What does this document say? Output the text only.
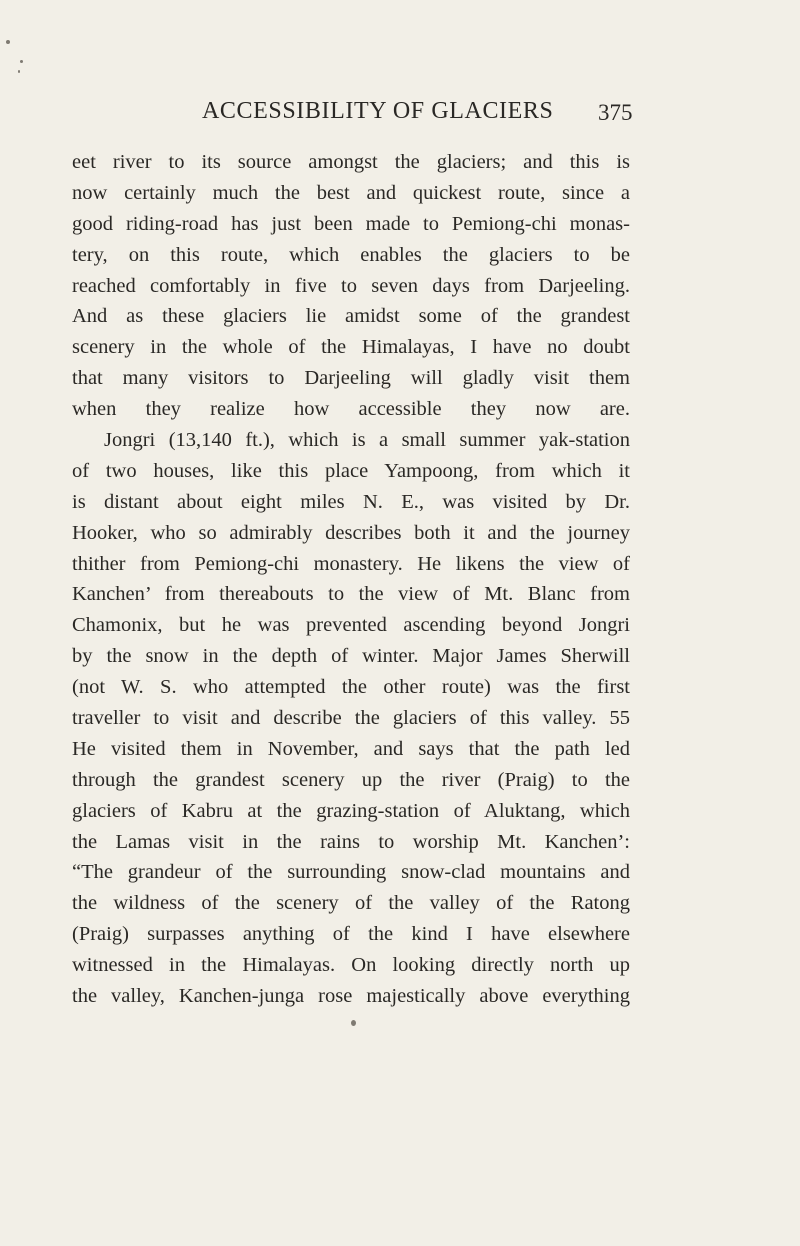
ACCESSIBILITY OF GLACIERS 375
eet river to its source amongst the glaciers; and this is
now certainly much the best and quickest route, since a
good riding-road has just been made to Pemiong-chi monas-
tery, on this route, which enables the glaciers to be
reached comfortably in five to seven days from Darjeeling.
And as these glaciers lie amidst some of the grandest
scenery in the whole of the Himalayas, I have no doubt
that many visitors to Darjeeling will gladly visit them
when they realize how accessible they now are.
Jongri (13,140 ft.), which is a small summer yak-station
of two houses, like this place Yampoong, from which it
is distant about eight miles N. E., was visited by Dr.
Hooker, who so admirably describes both it and the journey
thither from Pemiong-chi monastery. He likens the view of
Kanchen’ from thereabouts to the view of Mt. Blanc from
Chamonix, but he was prevented ascending beyond Jongri
by the snow in the depth of winter. Major James Sherwill
(not W. S. who attempted the other route) was the first
traveller to visit and describe the glaciers of this valley. 55
He visited them in November, and says that the path led
through the grandest scenery up the river (Praig) to the
glaciers of Kabru at the grazing-station of Aluktang, which
the Lamas visit in the rains to worship Mt. Kanchen’:
“The grandeur of the surrounding snow-clad mountains and
the wildness of the scenery of the valley of the Ratong
(Praig) surpasses anything of the kind I have elsewhere
witnessed in the Himalayas. On looking directly north up
the valley, Kanchen-junga rose majestically above everything
